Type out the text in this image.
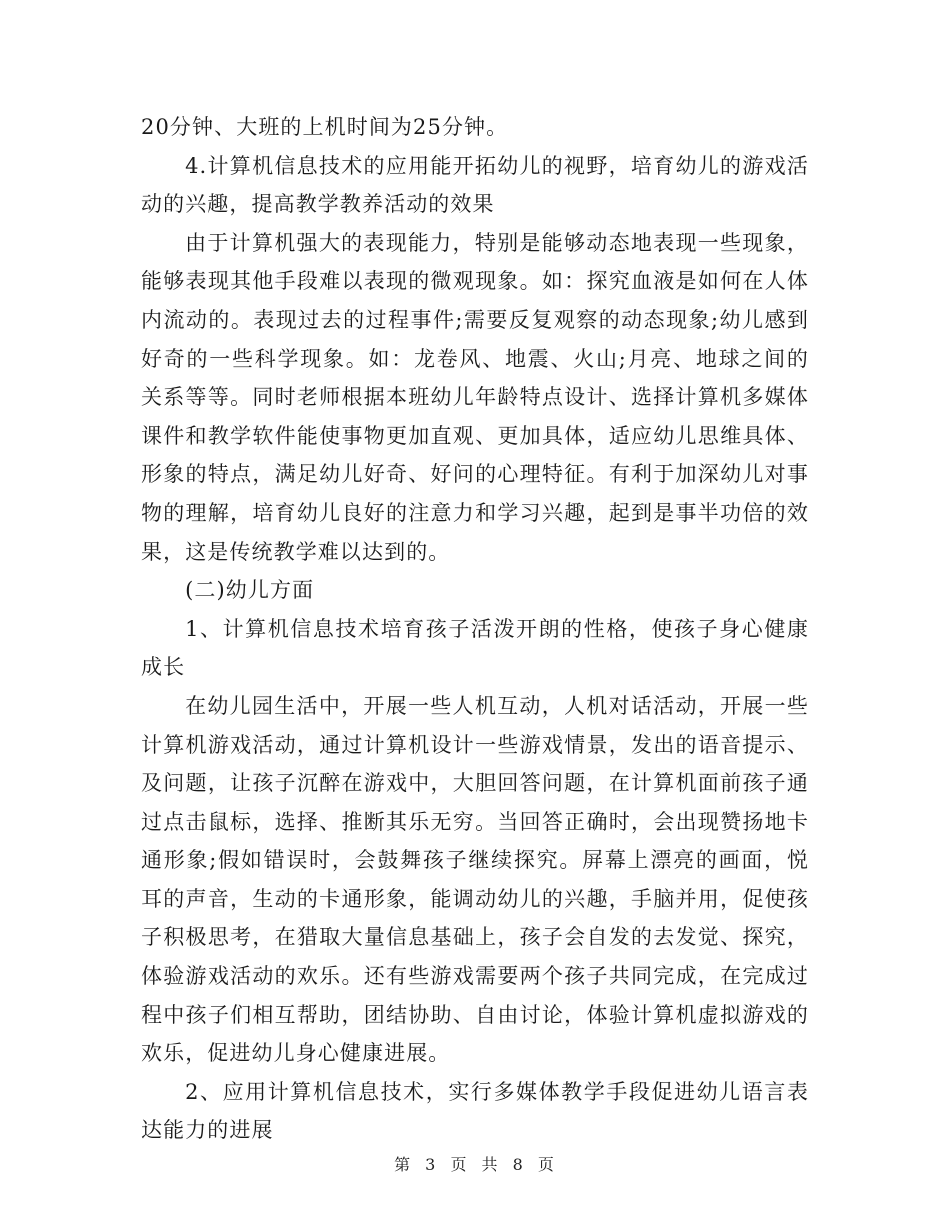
20分钟、大班的上机时间为25分钟。

4.计算机信息技术的应用能开拓幼儿的视野，培育幼儿的游戏活动的兴趣，提高教学教养活动的效果

由于计算机强大的表现能力，特别是能够动态地表现一些现象，能够表现其他手段难以表现的微观现象。如：探究血液是如何在人体内流动的。表现过去的过程事件;需要反复观察的动态现象;幼儿感到好奇的一些科学现象。如：龙卷风、地震、火山;月亮、地球之间的关系等等。同时老师根据本班幼儿年龄特点设计、选择计算机多媒体课件和教学软件能使事物更加直观、更加具体，适应幼儿思维具体、形象的特点，满足幼儿好奇、好问的心理特征。有利于加深幼儿对事物的理解，培育幼儿良好的注意力和学习兴趣，起到是事半功倍的效果，这是传统教学难以达到的。

(二)幼儿方面

1、计算机信息技术培育孩子活泼开朗的性格，使孩子身心健康成长

在幼儿园生活中，开展一些人机互动，人机对话活动，开展一些计算机游戏活动，通过计算机设计一些游戏情景，发出的语音提示、及问题，让孩子沉醉在游戏中，大胆回答问题，在计算机面前孩子通过点击鼠标，选择、推断其乐无穷。当回答正确时，会出现赞扬地卡通形象;假如错误时，会鼓舞孩子继续探究。屏幕上漂亮的画面，悦耳的声音，生动的卡通形象，能调动幼儿的兴趣，手脑并用，促使孩子积极思考，在猎取大量信息基础上，孩子会自发的去发觉、探究，体验游戏活动的欢乐。还有些游戏需要两个孩子共同完成，在完成过程中孩子们相互帮助，团结协助、自由讨论，体验计算机虚拟游戏的欢乐，促进幼儿身心健康进展。

2、应用计算机信息技术，实行多媒体教学手段促进幼儿语言表达能力的进展

第 3 页 共 8 页
